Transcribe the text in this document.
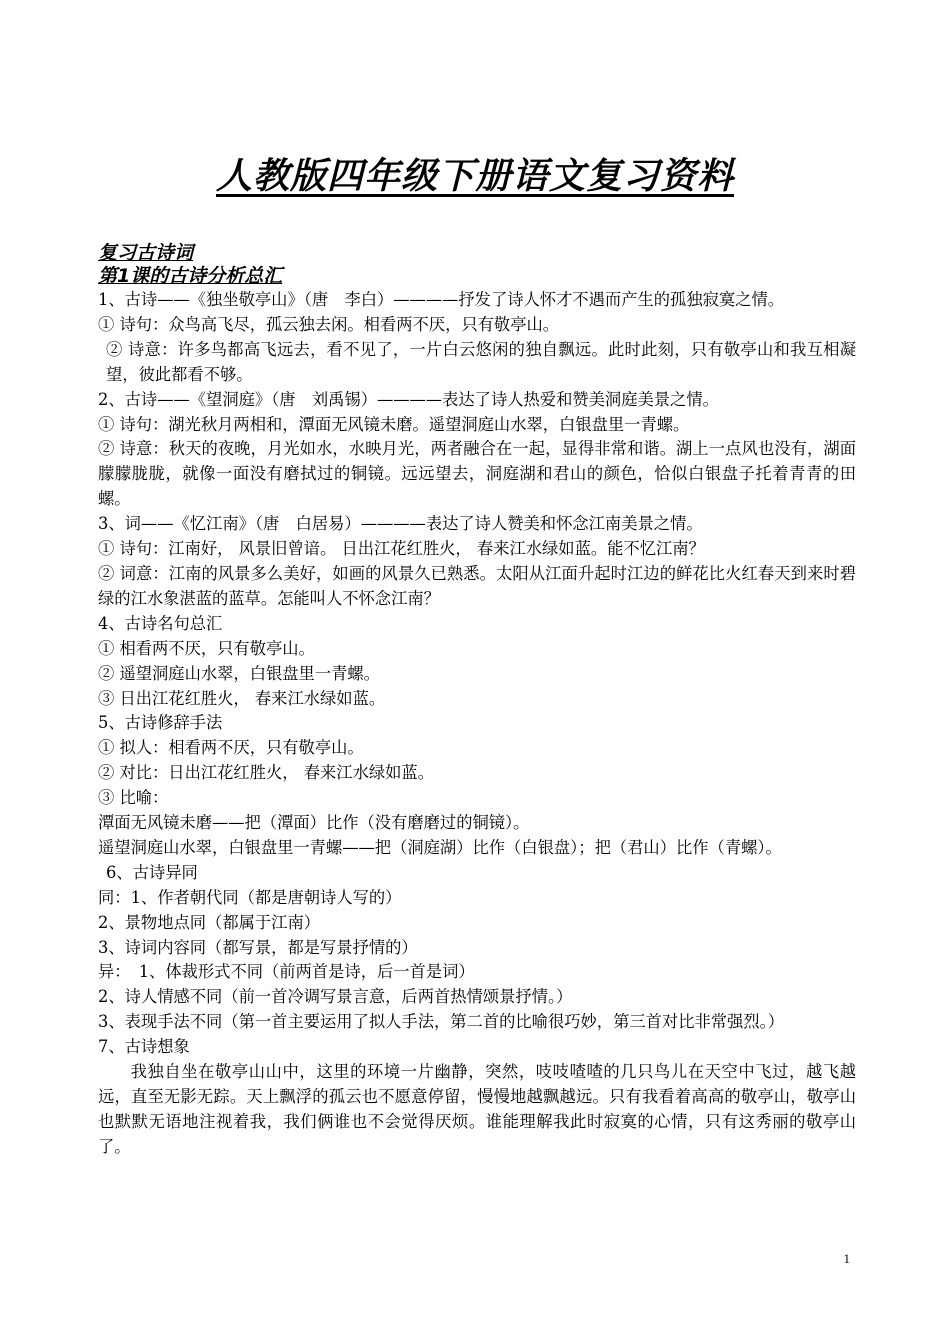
人教版四年级下册语文复习资料

复习古诗词

第1课的古诗分析总汇

1、古诗——《独坐敬亭山》（唐　李白）————抒发了诗人怀才不遇而产生的孤独寂寞之情。

① 诗句：众鸟高飞尽，孤云独去闲。相看两不厌，只有敬亭山。

② 诗意：许多鸟都高飞远去，看不见了，一片白云悠闲的独自飘远。此时此刻，只有敬亭山和我互相凝望，彼此都看不够。

2、古诗——《望洞庭》（唐　刘禹锡）————表达了诗人热爱和赞美洞庭美景之情。

① 诗句：湖光秋月两相和，潭面无风镜未磨。遥望洞庭山水翠，白银盘里一青螺。

② 诗意：秋天的夜晚，月光如水，水映月光，两者融合在一起，显得非常和谐。湖上一点风也没有，湖面朦朦胧胧，就像一面没有磨拭过的铜镜。远远望去，洞庭湖和君山的颜色，恰似白银盘子托着青青的田螺。

3、词——《忆江南》（唐　白居易）————表达了诗人赞美和怀念江南美景之情。

① 诗句：江南好， 风景旧曾谙。 日出江花红胜火， 春来江水绿如蓝。能不忆江南？

② 词意：江南的风景多么美好，如画的风景久已熟悉。太阳从江面升起时江边的鲜花比火红春天到来时碧绿的江水象湛蓝的蓝草。怎能叫人不怀念江南？

4、古诗名句总汇

① 相看两不厌，只有敬亭山。

② 遥望洞庭山水翠，白银盘里一青螺。

③ 日出江花红胜火， 春来江水绿如蓝。

5、古诗修辞手法

① 拟人：相看两不厌，只有敬亭山。

② 对比：日出江花红胜火， 春来江水绿如蓝。

③ 比喻：

潭面无风镜未磨——把（潭面）比作（没有磨磨过的铜镜）。

遥望洞庭山水翠，白银盘里一青螺——把（洞庭湖）比作（白银盘）；把（君山）比作（青螺）。

6、古诗异同

同：1、作者朝代同（都是唐朝诗人写的）

2、景物地点同（都属于江南）

3、诗词内容同（都写景，都是写景抒情的）

异：　1、体裁形式不同（前两首是诗，后一首是词）

2、诗人情感不同（前一首冷调写景言意，后两首热情颂景抒情。）

3、表现手法不同（第一首主要运用了拟人手法，第二首的比喻很巧妙，第三首对比非常强烈。）

7、古诗想象

我独自坐在敬亭山山中，这里的环境一片幽静，突然，吱吱喳喳的几只鸟儿在天空中飞过，越飞越远，直至无影无踪。天上飘浮的孤云也不愿意停留，慢慢地越飘越远。只有我看着高高的敬亭山，敬亭山也默默无语地注视着我，我们俩谁也不会觉得厌烦。谁能理解我此时寂寞的心情，只有这秀丽的敬亭山了。

1
